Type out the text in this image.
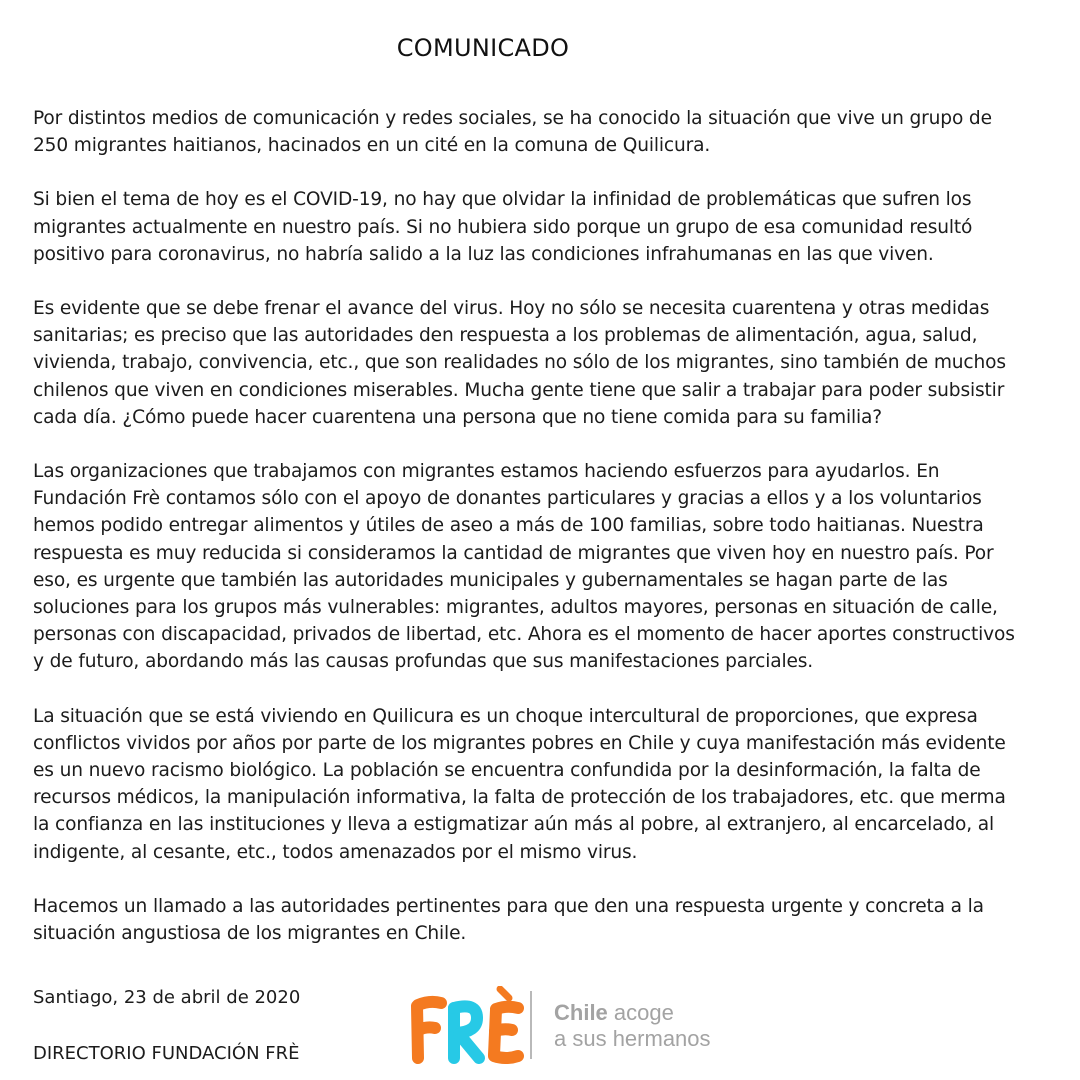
COMUNICADO

Por distintos medios de comunicación y redes sociales, se ha conocido la situación que vive un grupo de
250 migrantes haitianos, hacinados en un cité en la comuna de Quilicura.

Si bien el tema de hoy es el COVID-19, no hay que olvidar la infinidad de problemáticas que sufren los
migrantes actualmente en nuestro país. Si no hubiera sido porque un grupo de esa comunidad resultó
positivo para coronavirus, no habría salido a la luz las condiciones infrahumanas en las que viven.

Es evidente que se debe frenar el avance del virus. Hoy no sólo se necesita cuarentena y otras medidas
sanitarias; es preciso que las autoridades den respuesta a los problemas de alimentación, agua, salud,
vivienda, trabajo, convivencia, etc., que son realidades no sólo de los migrantes, sino también de muchos
chilenos que viven en condiciones miserables. Mucha gente tiene que salir a trabajar para poder subsistir
cada día. ¿Cómo puede hacer cuarentena una persona que no tiene comida para su familia?

Las organizaciones que trabajamos con migrantes estamos haciendo esfuerzos para ayudarlos. En
Fundación Frè contamos sólo con el apoyo de donantes particulares y gracias a ellos y a los voluntarios
hemos podido entregar alimentos y útiles de aseo a más de 100 familias, sobre todo haitianas. Nuestra
respuesta es muy reducida si consideramos la cantidad de migrantes que viven hoy en nuestro país. Por
eso, es urgente que también las autoridades municipales y gubernamentales se hagan parte de las
soluciones para los grupos más vulnerables: migrantes, adultos mayores, personas en situación de calle,
personas con discapacidad, privados de libertad, etc. Ahora es el momento de hacer aportes constructivos
y de futuro, abordando más las causas profundas que sus manifestaciones parciales.

La situación que se está viviendo en Quilicura es un choque intercultural de proporciones, que expresa
conflictos vividos por años por parte de los migrantes pobres en Chile y cuya manifestación más evidente
es un nuevo racismo biológico. La población se encuentra confundida por la desinformación, la falta de
recursos médicos, la manipulación informativa, la falta de protección de los trabajadores, etc. que merma
la confianza en las instituciones y lleva a estigmatizar aún más al pobre, al extranjero, al encarcelado, al
indigente, al cesante, etc., todos amenazados por el mismo virus.

Hacemos un llamado a las autoridades pertinentes para que den una respuesta urgente y concreta a la
situación angustiosa de los migrantes en Chile.

Santiago, 23 de abril de 2020
DIRECTORIO FUNDACIÓN FRÈ
Chile acoge
a sus hermanos
